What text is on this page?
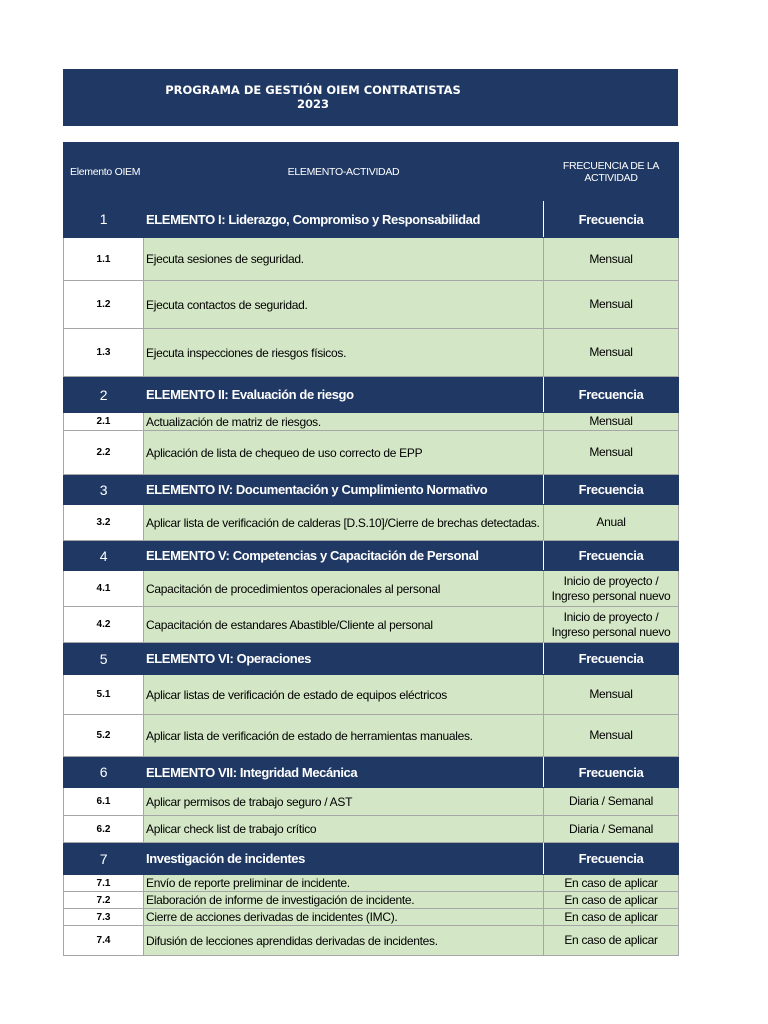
PROGRAMA DE GESTIÓN OIEM CONTRATISTAS
2023
Elemento OIEM	ELEMENTO-ACTIVIDAD	FRECUENCIA DE LA
ACTIVIDAD

1	ELEMENTO I: Liderazgo, Compromiso y Responsabilidad	Frecuencia
1.1	Ejecuta sesiones de seguridad.	Mensual
1.2	Ejecuta contactos de seguridad.	Mensual
1.3	Ejecuta inspecciones de riesgos físicos.	Mensual
2	ELEMENTO II: Evaluación de riesgo	Frecuencia
2.1	Actualización de matriz de riesgos.	Mensual
2.2	Aplicación de lista de chequeo de uso correcto de EPP	Mensual
3	ELEMENTO IV: Documentación y Cumplimiento Normativo	Frecuencia
3.2	Aplicar lista de verificación de calderas [D.S.10]/Cierre de brechas detectadas.	Anual
4	ELEMENTO V: Competencias y Capacitación de Personal	Frecuencia
4.1	Capacitación de procedimientos operacionales al personal	Inicio de proyecto /
Ingreso personal nuevo

4.2	Capacitación de estandares Abastible/Cliente al personal	Inicio de proyecto /
Ingreso personal nuevo

5	ELEMENTO VI: Operaciones	Frecuencia
5.1	Aplicar listas de verificación de estado de equipos eléctricos	Mensual
5.2	Aplicar lista de verificación de estado de herramientas manuales.	Mensual
6	ELEMENTO VII: Integridad Mecánica	Frecuencia
6.1	Aplicar permisos de trabajo seguro / AST	Diaria / Semanal
6.2	Aplicar check list de trabajo crítico	Diaria / Semanal
7	Investigación de incidentes	Frecuencia
7.1	Envío de reporte preliminar de incidente.	En caso de aplicar
7.2	Elaboración de informe de investigación de incidente.	En caso de aplicar
7.3	Cierre de acciones derivadas de incidentes (IMC).	En caso de aplicar
7.4	Difusión de lecciones aprendidas derivadas de incidentes.	En caso de aplicar
